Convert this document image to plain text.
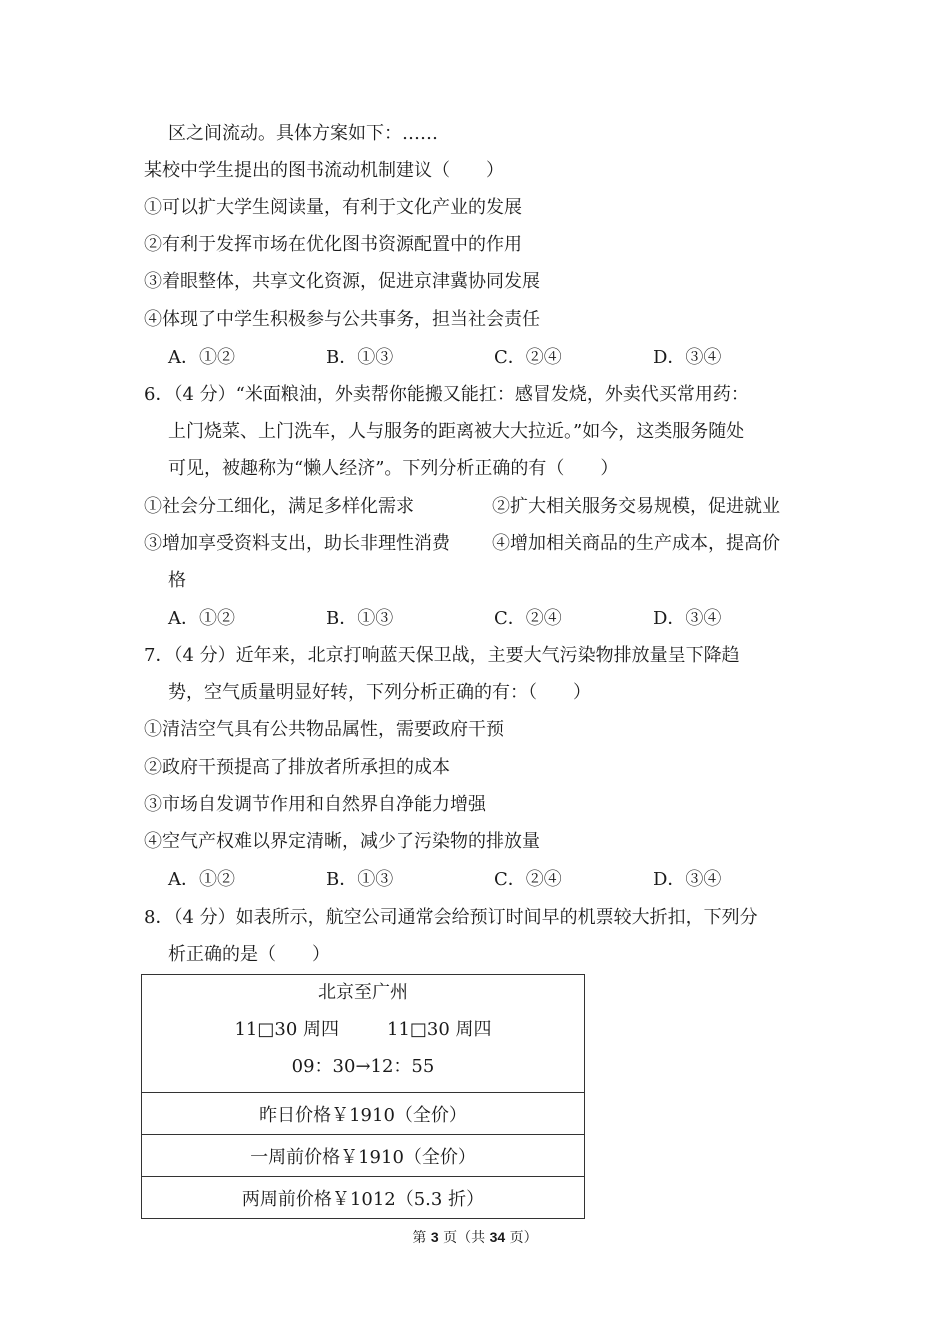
区之间流动。具体方案如下：……
某校中学生提出的图书流动机制建议（　　）
①可以扩大学生阅读量，有利于文化产业的发展
②有利于发挥市场在优化图书资源配置中的作用
③着眼整体，共享文化资源，促进京津冀协同发展
④体现了中学生积极参与公共事务，担当社会责任
A．①②	B．①③	C．②④	D．③④
6．（4 分）“米面粮油，外卖帮你能搬又能扛：感冒发烧，外卖代买常用药：
上门烧菜、上门洗车，人与服务的距离被大大拉近。”如今，这类服务随处
可见，被趣称为“懒人经济”。下列分析正确的有（　　）
①社会分工细化，满足多样化需求	②扩大相关服务交易规模，促进就业
③增加享受资料支出，助长非理性消费 ④增加相关商品的生产成本，提高价
格
A．①②	B．①③	C．②④	D．③④
7．（4 分）近年来，北京打响蓝天保卫战，主要大气污染物排放量呈下降趋
势，空气质量明显好转，下列分析正确的有：（　　）
①清洁空气具有公共物品属性，需要政府干预
②政府干预提高了排放者所承担的成本
③市场自发调节作用和自然界自净能力增强
④空气产权难以界定清晰，减少了污染物的排放量
A．①②	B．①③	C．②④	D．③④
8．（4 分）如表所示，航空公司通常会给预订时间早的机票较大折扣，下列分
析正确的是（　　）
北京至广州
11□30 周四	11□30 周四
09：30→12：55

昨日价格￥1910（全价）
一周前价格￥1910（全价）
两周前价格￥1012（5.3 折）
第 3 页（共 34 页）
